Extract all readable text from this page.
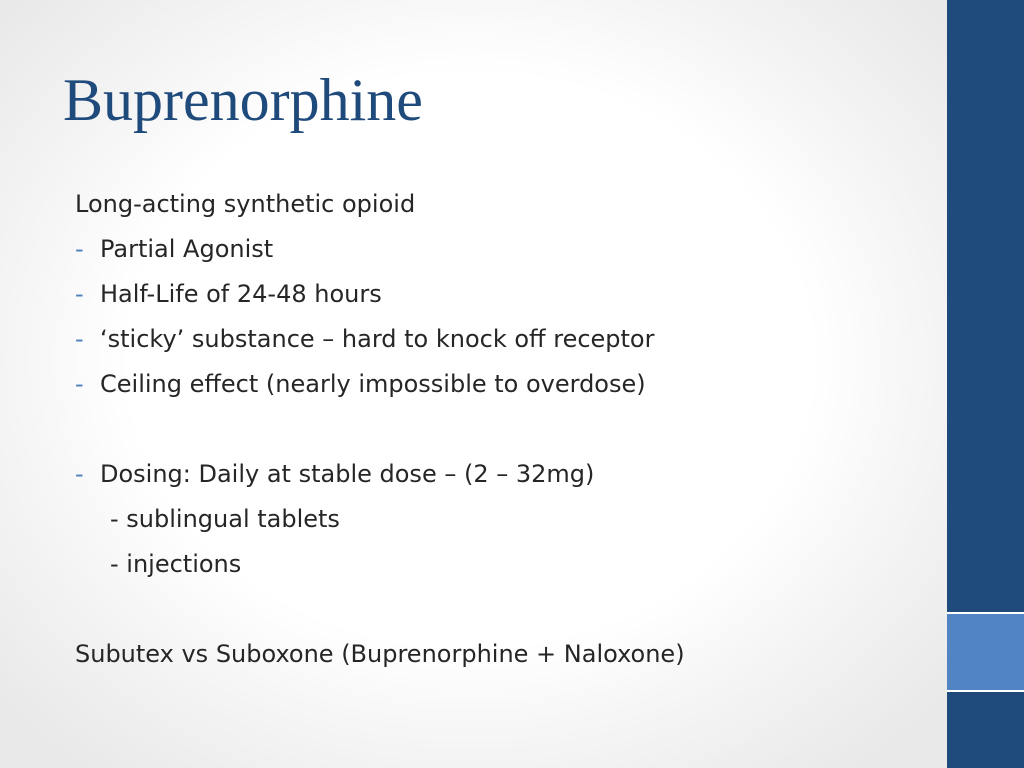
Buprenorphine
Long-acting synthetic opioid
- Partial Agonist
- Half-Life of 24-48 hours
- ‘sticky’ substance – hard to knock off receptor
- Ceiling effect (nearly impossible to overdose)
- Dosing: Daily at stable dose – (2 – 32mg)
- sublingual tablets
- injections
Subutex vs Suboxone (Buprenorphine + Naloxone)
